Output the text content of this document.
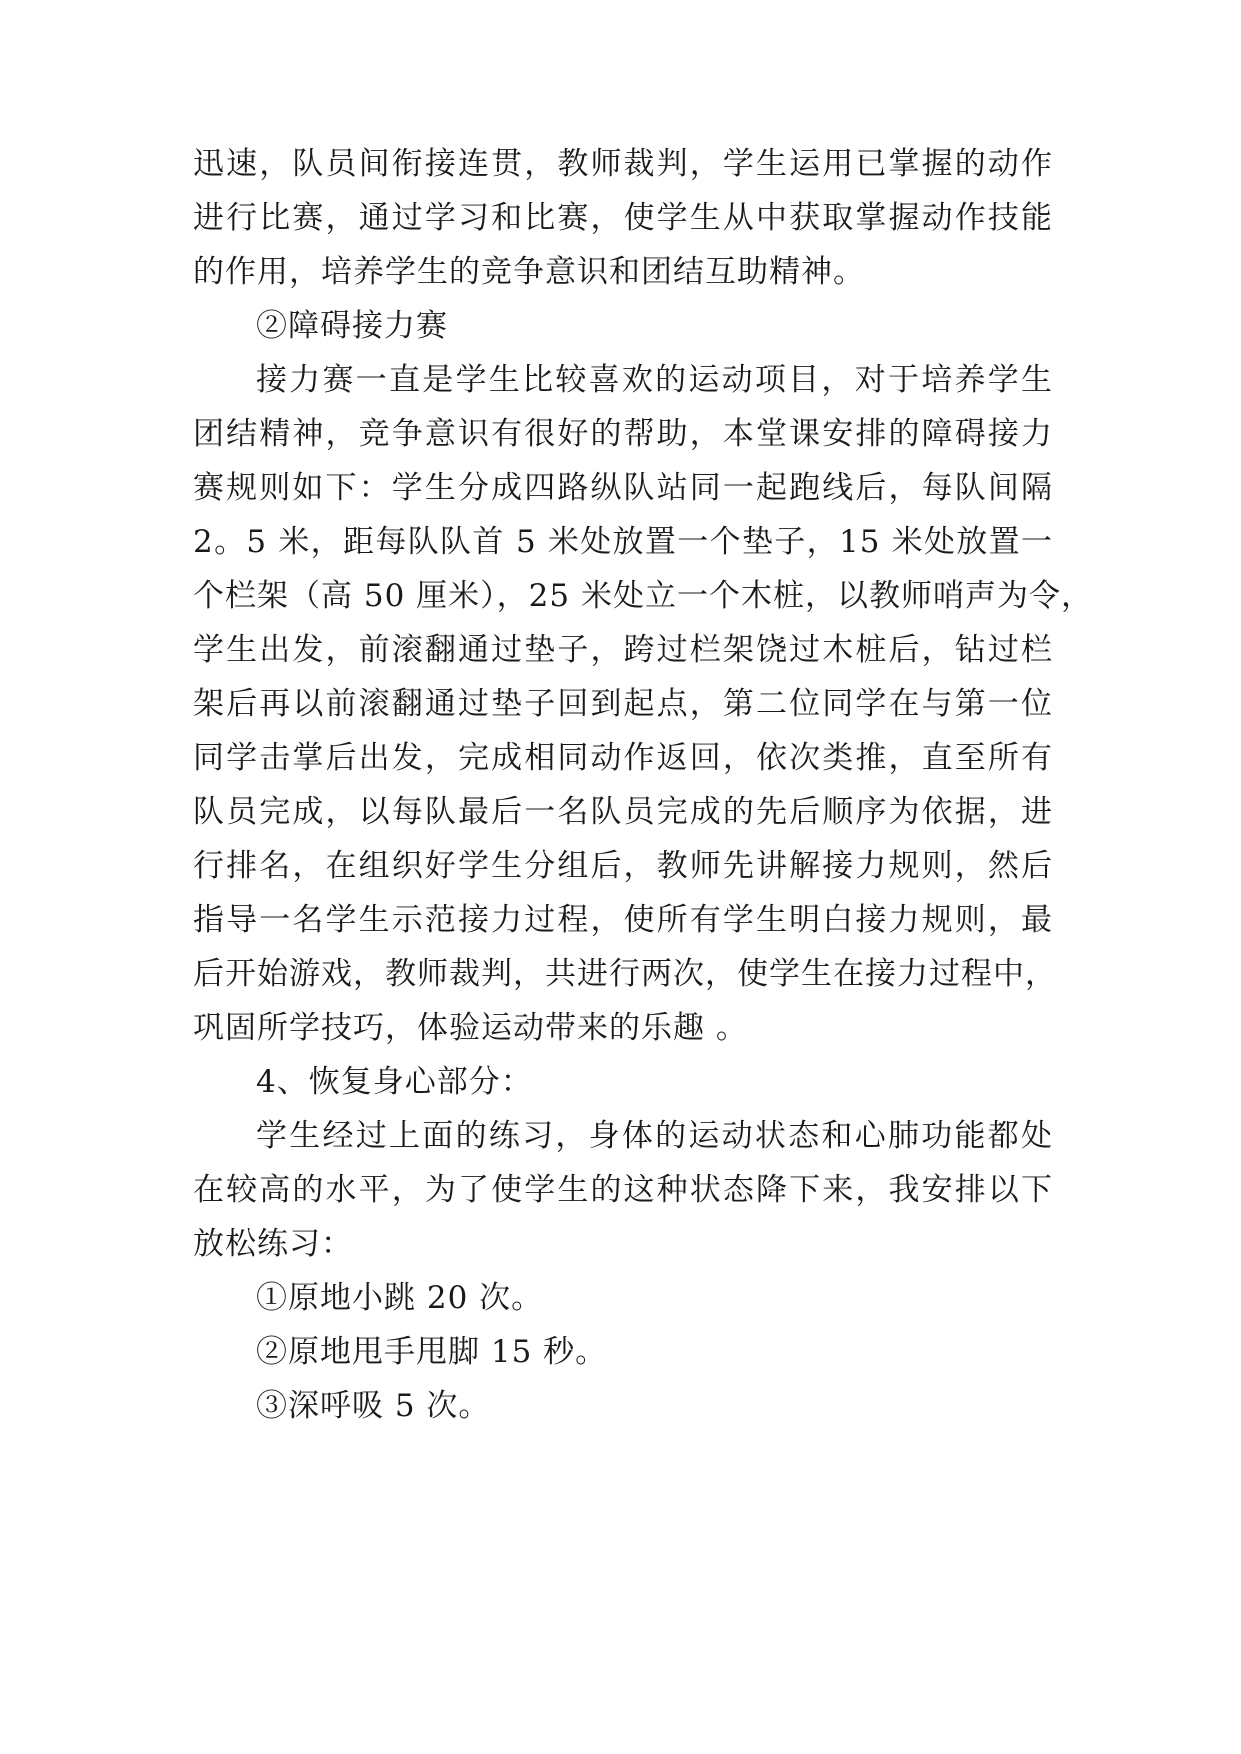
迅速，队员间衔接连贯，教师裁判，学生运用已掌握的动作
进行比赛，通过学习和比赛，使学生从中获取掌握动作技能
的作用，培养学生的竞争意识和团结互助精神。
②障碍接力赛
接力赛一直是学生比较喜欢的运动项目，对于培养学生
团结精神，竞争意识有很好的帮助，本堂课安排的障碍接力
赛规则如下：学生分成四路纵队站同一起跑线后，每队间隔
2。5 米，距每队队首 5 米处放置一个垫子，15 米处放置一
个栏架（高 50 厘米），25 米处立一个木桩，以教师哨声为令，
学生出发，前滚翻通过垫子，跨过栏架饶过木桩后，钻过栏
架后再以前滚翻通过垫子回到起点，第二位同学在与第一位
同学击掌后出发，完成相同动作返回，依次类推，直至所有
队员完成，以每队最后一名队员完成的先后顺序为依据，进
行排名，在组织好学生分组后，教师先讲解接力规则，然后
指导一名学生示范接力过程，使所有学生明白接力规则，最
后开始游戏，教师裁判，共进行两次，使学生在接力过程中，
巩固所学技巧，体验运动带来的乐趣 。
4、恢复身心部分：
学生经过上面的练习，身体的运动状态和心肺功能都处
在较高的水平，为了使学生的这种状态降下来，我安排以下
放松练习：
①原地小跳 20 次。
②原地甩手甩脚 15 秒。
③深呼吸 5 次。
